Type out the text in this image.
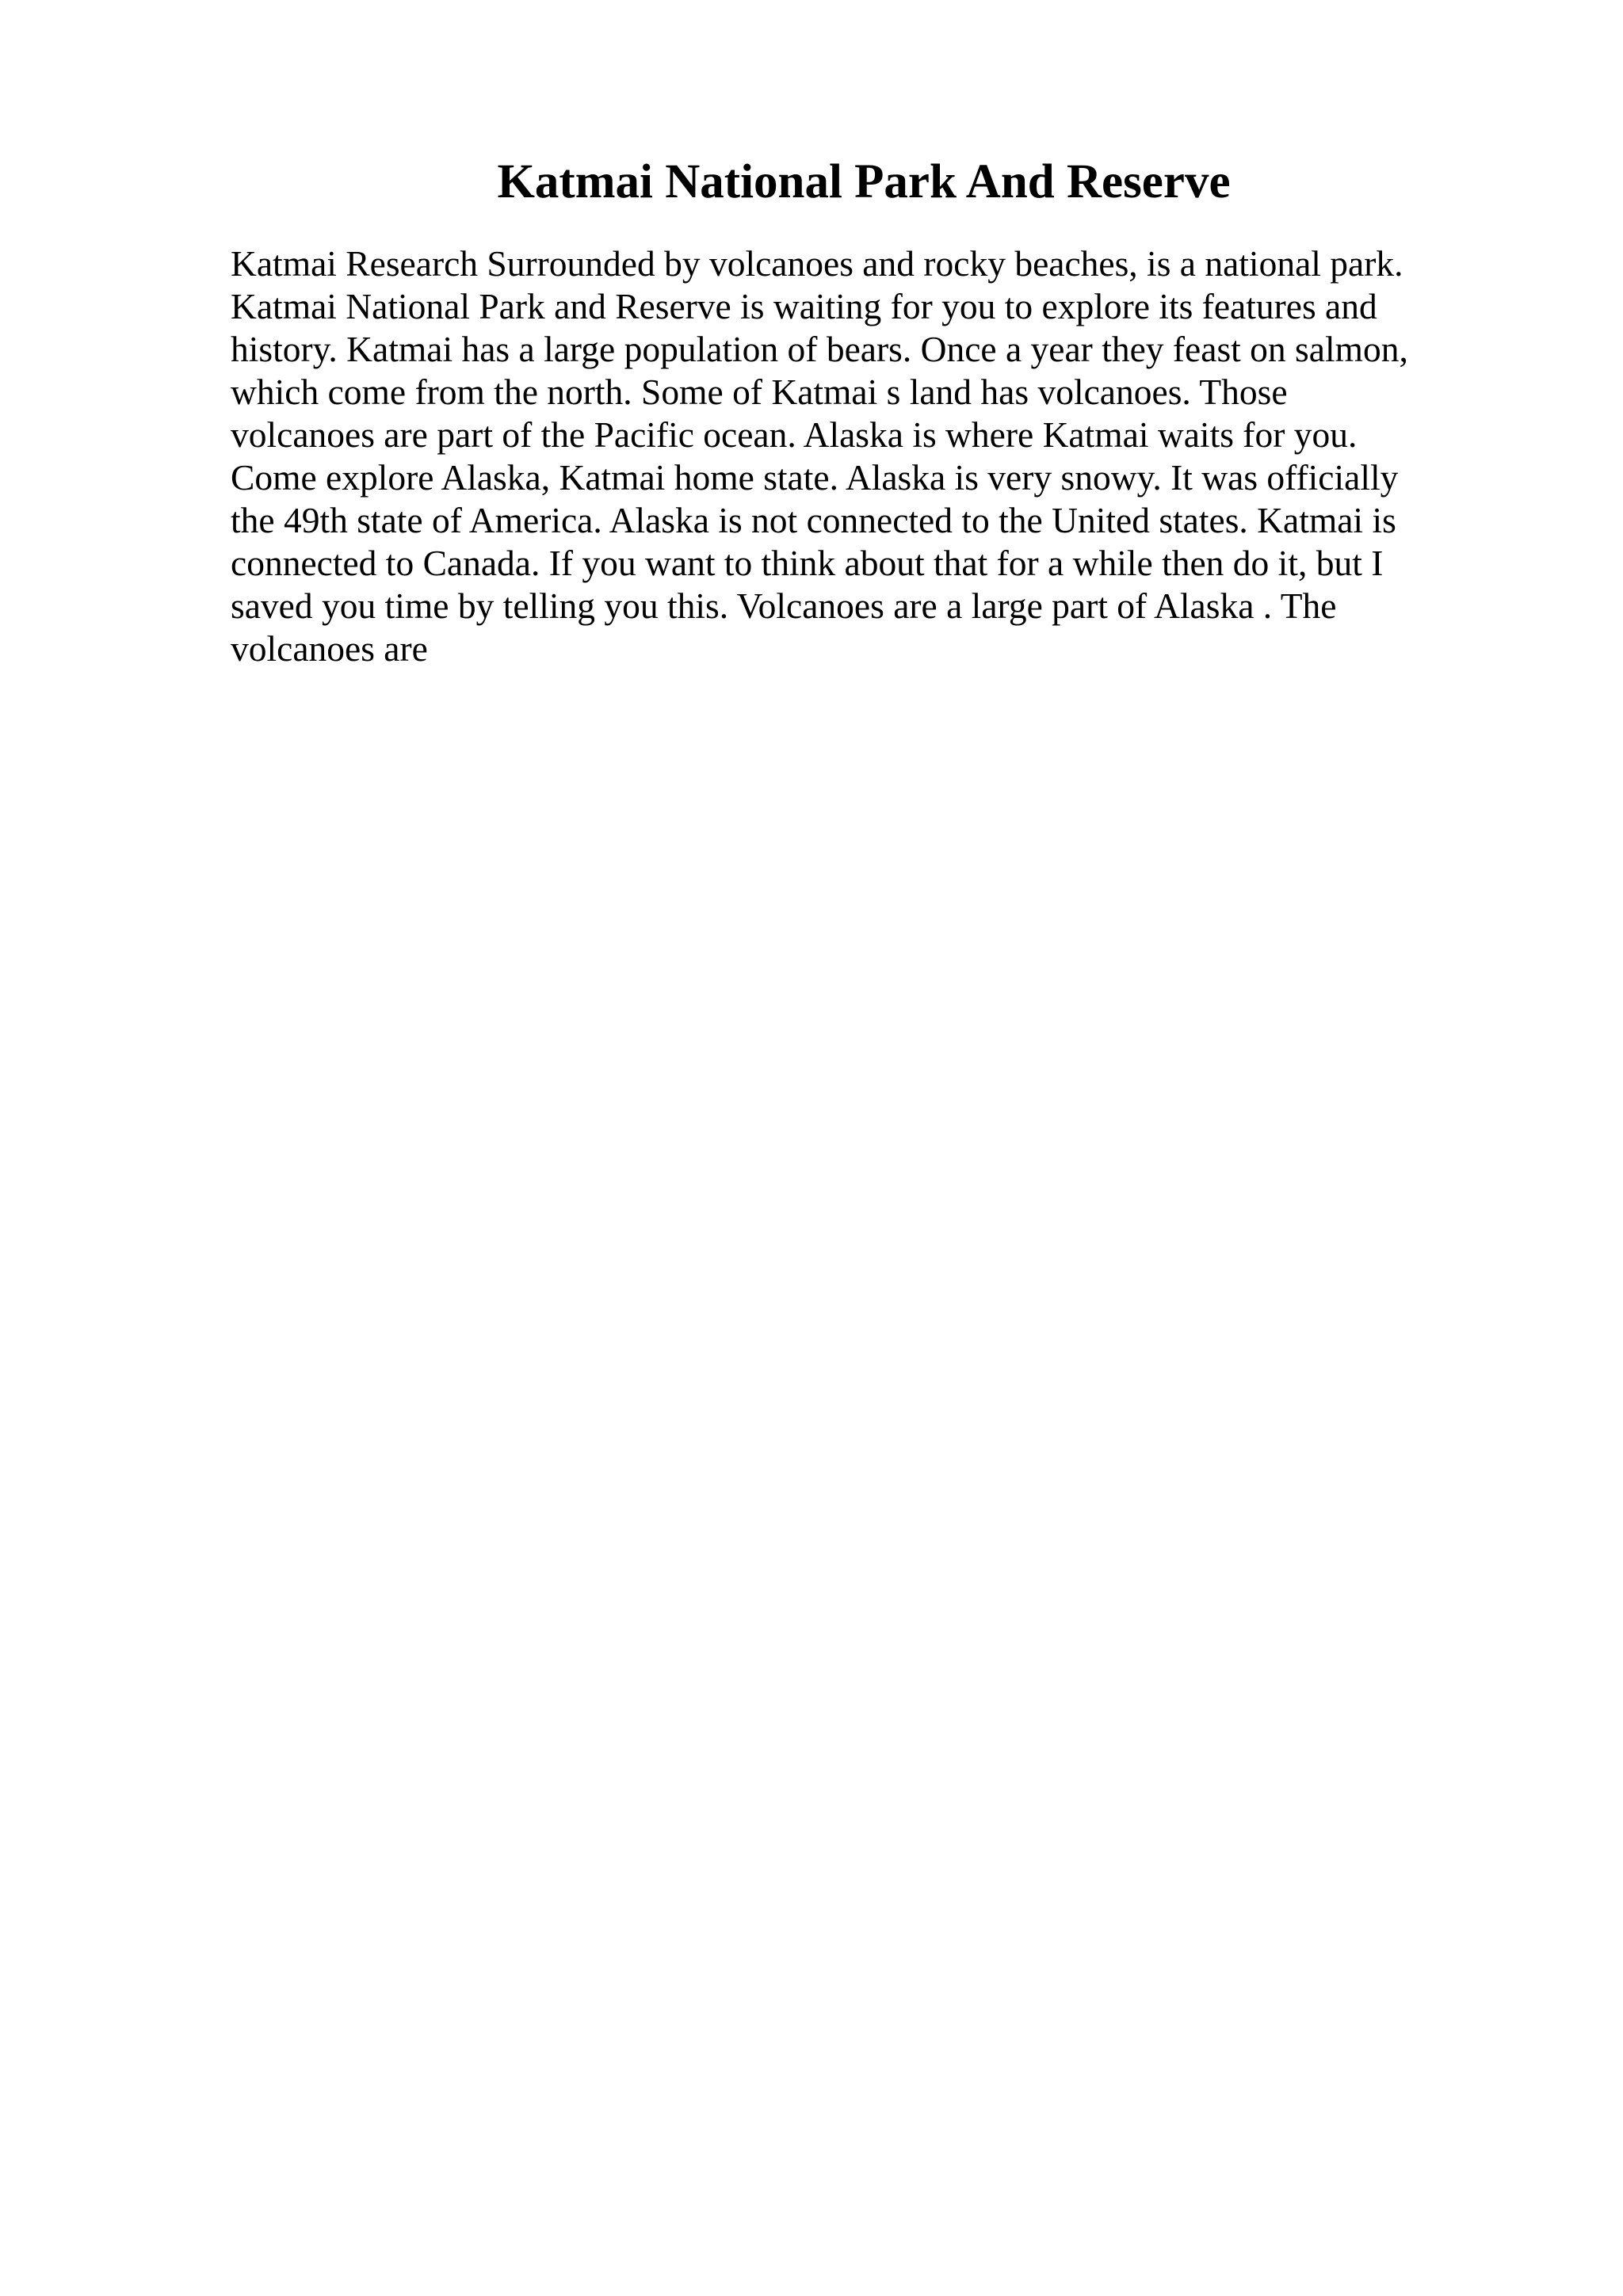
Katmai National Park And Reserve
Katmai Research Surrounded by volcanoes and rocky beaches, is a national park.
Katmai National Park and Reserve is waiting for you to explore its features and
history. Katmai has a large population of bears. Once a year they feast on salmon,
which come from the north. Some of Katmai s land has volcanoes. Those
volcanoes are part of the Pacific ocean. Alaska is where Katmai waits for you.
Come explore Alaska, Katmai home state. Alaska is very snowy. It was officially
the 49th state of America. Alaska is not connected to the United states. Katmai is
connected to Canada. If you want to think about that for a while then do it, but I
saved you time by telling you this. Volcanoes are a large part of Alaska . The
volcanoes are
